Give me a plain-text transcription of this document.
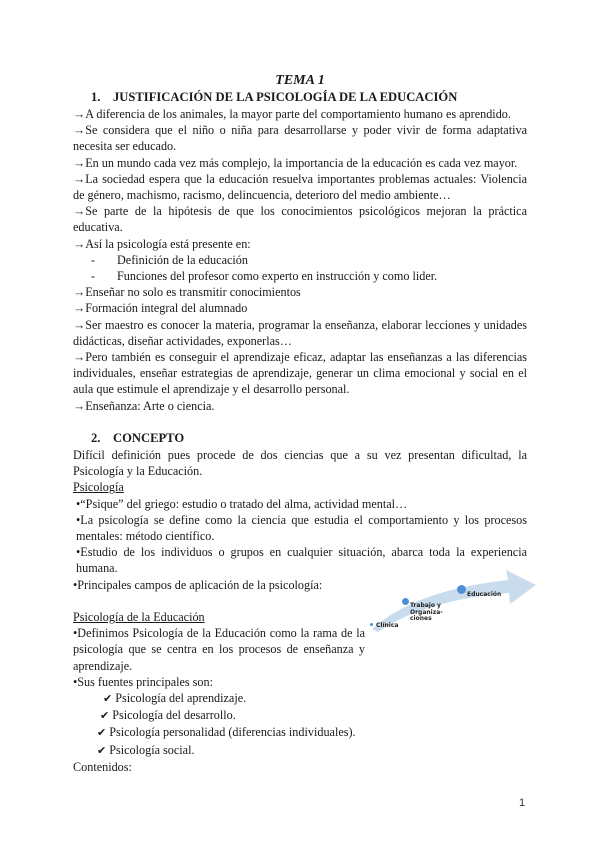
TEMA 1

1. JUSTIFICACIÓN DE LA PSICOLOGÍA DE LA EDUCACIÓN

→A diferencia de los animales, la mayor parte del comportamiento humano es aprendido.

→Se considera que el niño o niña para desarrollarse y poder vivir de forma adaptativa necesita ser educado.

→En un mundo cada vez más complejo, la importancia de la educación es cada vez mayor.

→La sociedad espera que la educación resuelva importantes problemas actuales: Violencia de género, machismo, racismo, delincuencia, deterioro del medio ambiente…

→Se parte de la hipótesis de que los conocimientos psicológicos mejoran la práctica educativa.

→Así la psicología está presente en:

- Definición de la educación

- Funciones del profesor como experto en instrucción y como lider.

→Enseñar no solo es transmitir conocimientos

→Formación integral del alumnado

→Ser maestro es conocer la materia, programar la enseñanza, elaborar lecciones y unidades didácticas, diseñar actividades, exponerlas…

→Pero también es conseguir el aprendizaje eficaz, adaptar las enseñanzas a las diferencias individuales, enseñar estrategias de aprendizaje, generar un clima emocional y social en el aula que estimule el aprendizaje y el desarrollo personal.

→Enseñanza: Arte o ciencia.

2. CONCEPTO

Difícil definición pues procede de dos ciencias que a su vez presentan dificultad, la Psicología y la Educación.

Psicología

•“Psique” del griego: estudio o tratado del alma, actividad mental…

•La psicología se define como la ciencia que estudia el comportamiento y los procesos mentales: método científico.

•Estudio de los individuos o grupos en cualquier situación, abarca toda la experiencia humana.

•Principales campos de aplicación de la psicología:

Psicología de la Educación

•Definimos Psicología de la Educación como la rama de la psicología que se centra en los procesos de enseñanza y aprendizaje.

•Sus fuentes principales son:

✔ Psicología del aprendizaje.

✔ Psicología del desarrollo.

✔ Psicología personalidad (diferencias individuales).

✔ Psicología social.

Contenidos:

Clínica
Trabajo y Organiza-ciones
Educación
1
